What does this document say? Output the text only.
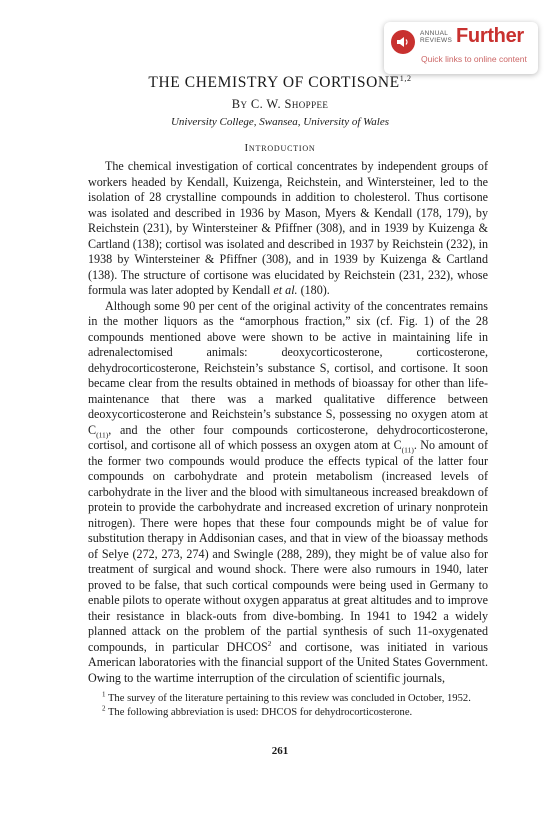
ANNUAL
REVIEWS Further
Quick links to online content
THE CHEMISTRY OF CORTISONE$^{1,2}$
By C. W. Shoppee
University College, Swansea, University of Wales
Introduction

The chemical investigation of cortical concentrates by independent groups of workers headed by Kendall, Kuizenga, Reichstein, and Wintersteiner, led to the isolation of 28 crystalline compounds in addition to cholesterol. Thus cortisone was isolated and described in 1936 by Mason, Myers & Kendall (178, 179), by Reichstein (231), by Wintersteiner & Pfiffner (308), and in 1939 by Kuizenga & Cartland (138); cortisol was isolated and described in 1937 by Reichstein (232), in 1938 by Wintersteiner & Pfiffner (308), and in 1939 by Kuizenga & Cartland (138). The structure of cortisone was elucidated by Reichstein (231, 232), whose formula was later adopted by Kendall et al. (180).

Although some 90 per cent of the original activity of the concentrates remains in the mother liquors as the “amorphous fraction,” six (cf. Fig. 1) of the 28 compounds mentioned above were shown to be active in maintaining life in adrenalectomised animals: deoxycorticosterone, corticosterone, dehydrocorticosterone, Reichstein’s substance S, cortisol, and cortisone. It soon became clear from the results obtained in methods of bioassay for other than life-maintenance that there was a marked qualitative difference between deoxycorticosterone and Reichstein’s substance S, possessing no oxygen atom at $C_{(11)}$, and the other four compounds corticosterone, dehydrocorticosterone, cortisol, and cortisone all of which possess an oxygen atom at $C_{(11)}$. No amount of the former two compounds would produce the effects typical of the latter four compounds on carbohydrate and protein metabolism (increased levels of carbohydrate in the liver and the blood with simultaneous increased breakdown of protein to provide the carbohydrate and increased excretion of urinary nonprotein nitrogen). There were hopes that these four compounds might be of value for substitution therapy in Addisonian cases, and that in view of the bioassay methods of Selye (272, 273, 274) and Swingle (288, 289), they might be of value also for treatment of surgical and wound shock. There were also rumours in 1940, later proved to be false, that such cortical compounds were being used in Germany to enable pilots to operate without oxygen apparatus at great altitudes and to improve their resistance in black-outs from dive-bombing. In 1941 to 1942 a widely planned attack on the problem of the partial synthesis of such 11-oxygenated compounds, in particular DHCOS$^2$ and cortisone, was initiated in various American laboratories with the financial support of the United States Government. Owing to the wartime interruption of the circulation of scientific journals,

$^1$ The survey of the literature pertaining to this review was concluded in October, 1952.

$^2$ The following abbreviation is used: DHCOS for dehydrocorticosterone.

261
